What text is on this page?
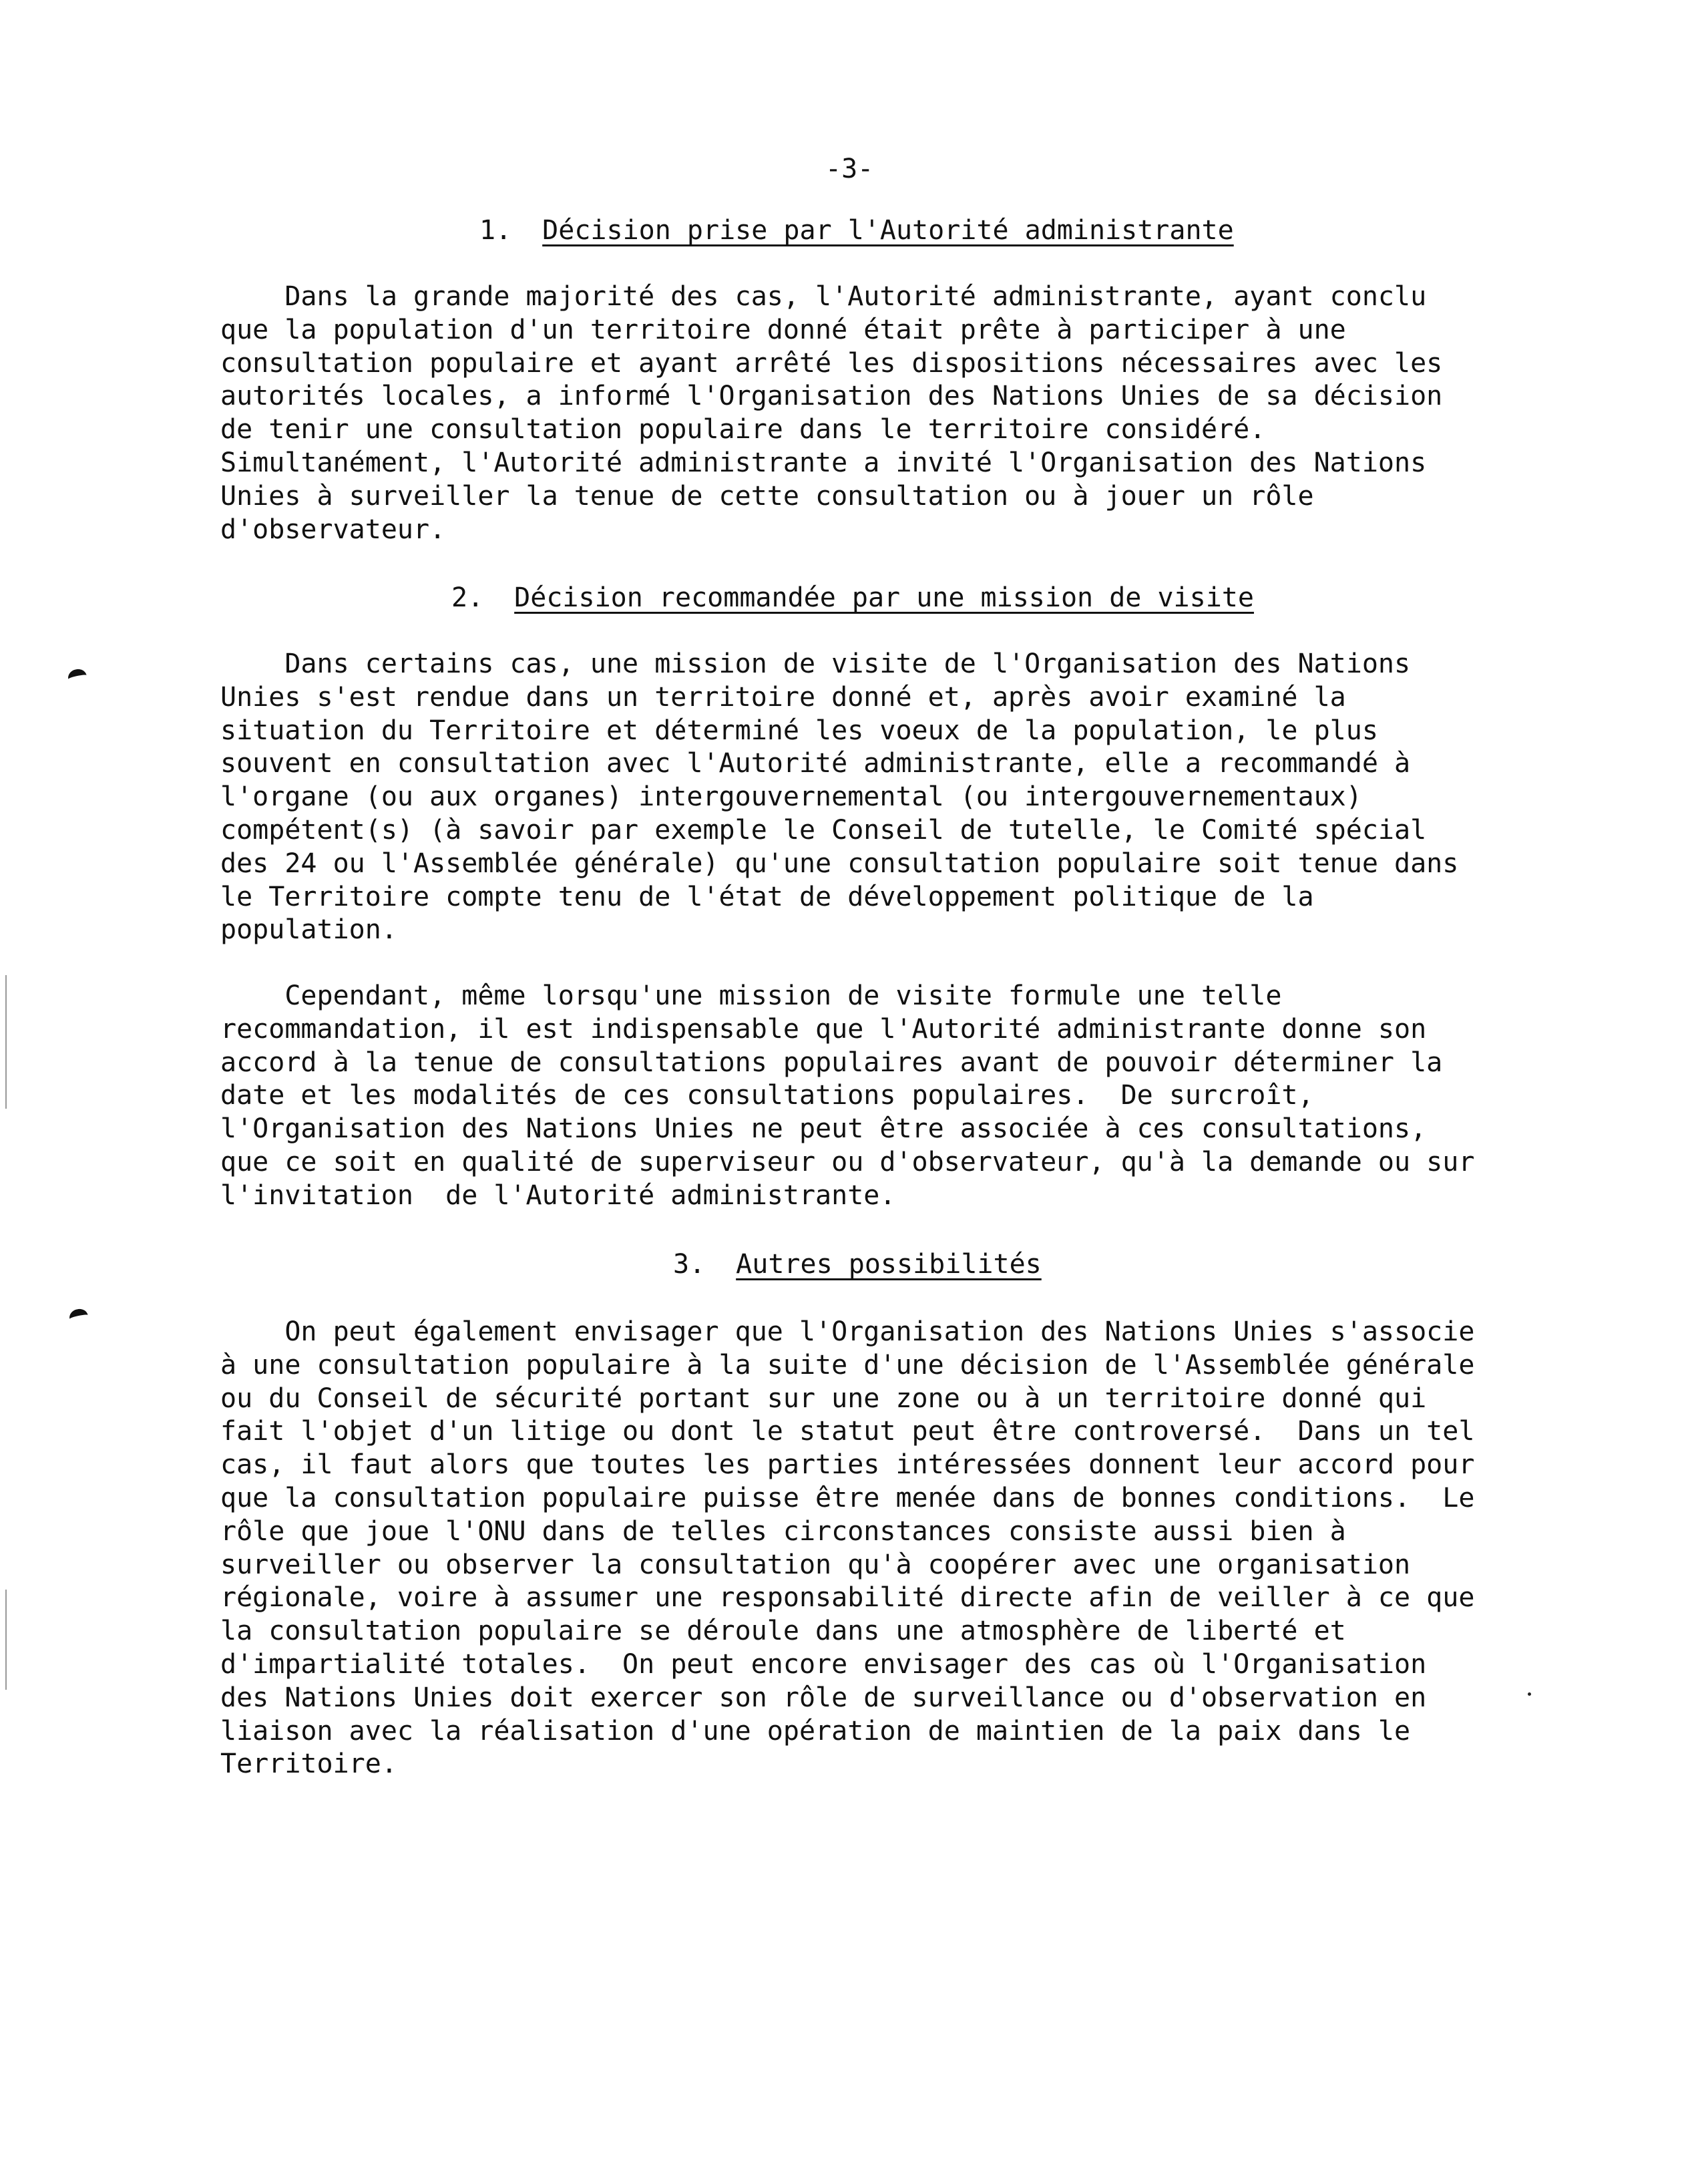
-3-
1. Décision prise par l'Autorité administrante

Dans la grande majorité des cas, l'Autorité administrante, ayant conclu
que la population d'un territoire donné était prête à participer à une
consultation populaire et ayant arrêté les dispositions nécessaires avec les
autorités locales, a informé l'Organisation des Nations Unies de sa décision
de tenir une consultation populaire dans le territoire considéré.
Simultanément, l'Autorité administrante a invité l'Organisation des Nations
Unies à surveiller la tenue de cette consultation ou à jouer un rôle
d'observateur.

2. Décision recommandée par une mission de visite

Dans certains cas, une mission de visite de l'Organisation des Nations
Unies s'est rendue dans un territoire donné et, après avoir examiné la
situation du Territoire et déterminé les voeux de la population, le plus
souvent en consultation avec l'Autorité administrante, elle a recommandé à
l'organe (ou aux organes) intergouvernemental (ou intergouvernementaux)
compétent(s) (à savoir par exemple le Conseil de tutelle, le Comité spécial
des 24 ou l'Assemblée générale) qu'une consultation populaire soit tenue dans
le Territoire compte tenu de l'état de développement politique de la
population.

Cependant, même lorsqu'une mission de visite formule une telle
recommandation, il est indispensable que l'Autorité administrante donne son
accord à la tenue de consultations populaires avant de pouvoir déterminer la
date et les modalités de ces consultations populaires.  De surcroît,
l'Organisation des Nations Unies ne peut être associée à ces consultations,
que ce soit en qualité de superviseur ou d'observateur, qu'à la demande ou sur
l'invitation  de l'Autorité administrante.

3. Autres possibilités

On peut également envisager que l'Organisation des Nations Unies s'associe
à une consultation populaire à la suite d'une décision de l'Assemblée générale
ou du Conseil de sécurité portant sur une zone ou à un territoire donné qui
fait l'objet d'un litige ou dont le statut peut être controversé.  Dans un tel
cas, il faut alors que toutes les parties intéressées donnent leur accord pour
que la consultation populaire puisse être menée dans de bonnes conditions.  Le
rôle que joue l'ONU dans de telles circonstances consiste aussi bien à
surveiller ou observer la consultation qu'à coopérer avec une organisation
régionale, voire à assumer une responsabilité directe afin de veiller à ce que
la consultation populaire se déroule dans une atmosphère de liberté et
d'impartialité totales.  On peut encore envisager des cas où l'Organisation
des Nations Unies doit exercer son rôle de surveillance ou d'observation en
liaison avec la réalisation d'une opération de maintien de la paix dans le
Territoire.
